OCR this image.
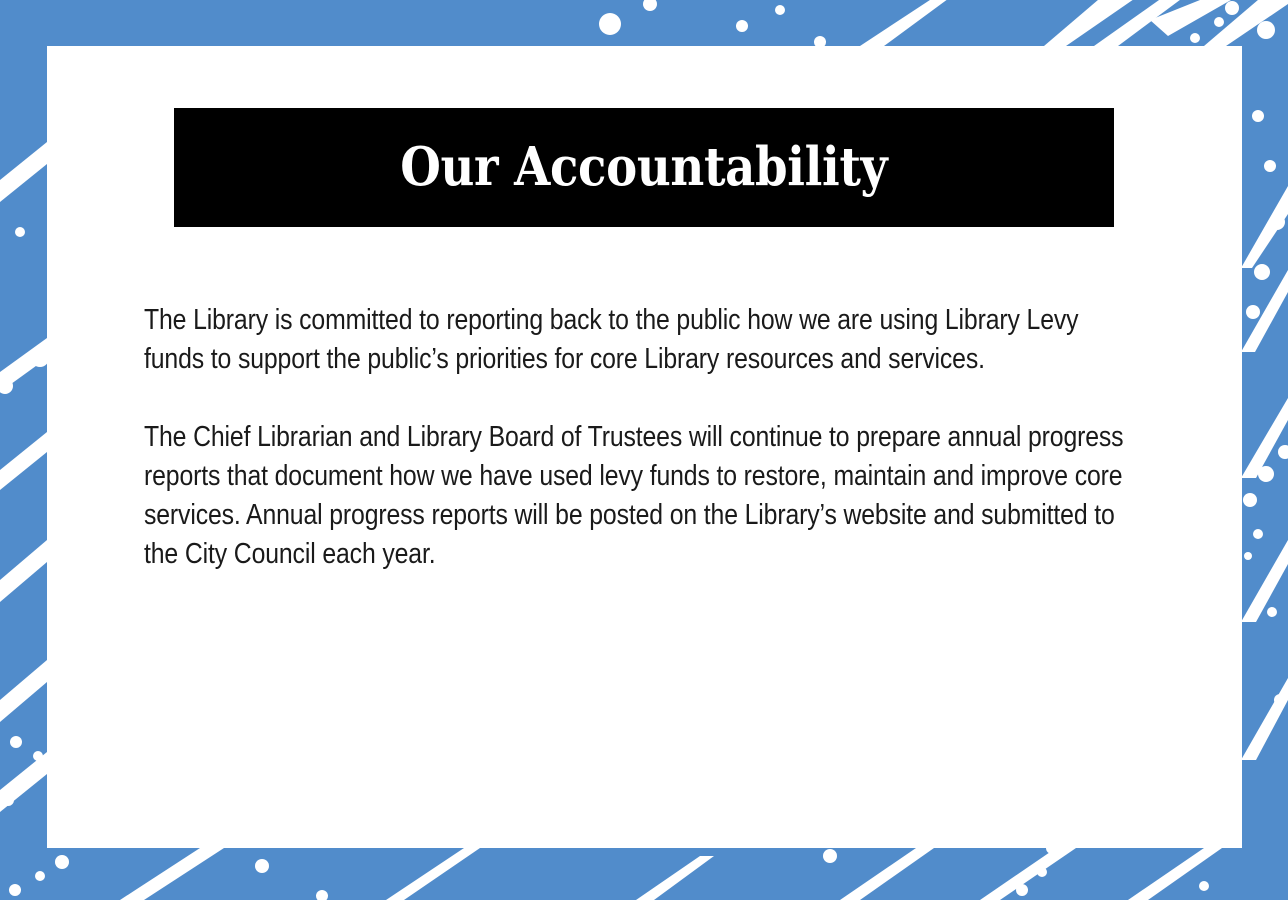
Our Accountability

The Library is committed to reporting back to the public how we are using Library Levy funds to support the public’s priorities for core Library resources and services.

The Chief Librarian and Library Board of Trustees will continue to prepare annual progress reports that document how we have used levy funds to restore, maintain and improve core services. Annual progress reports will be posted on the Library’s website and submitted to the City Council each year.
